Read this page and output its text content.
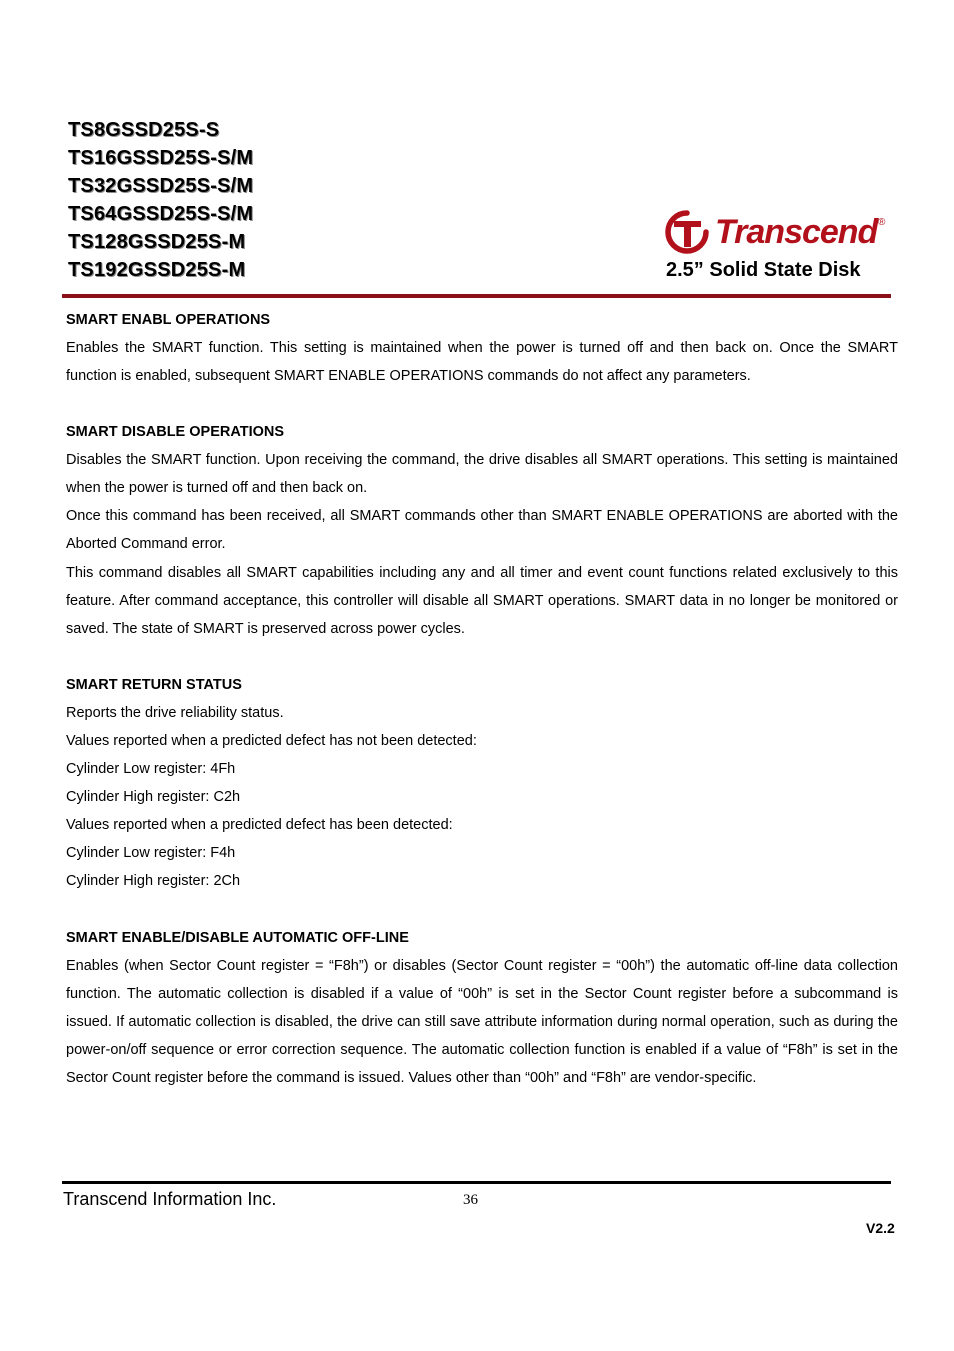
TS8GSSD25S-S
TS16GSSD25S-S/M
TS32GSSD25S-S/M
TS64GSSD25S-S/M
TS128GSSD25S-M
TS192GSSD25S-M
Transcend ®
2.5” Solid State Disk
SMART ENABL OPERATIONS
Enables the SMART function. This setting is maintained when the power is turned off and then back on. Once the SMART function is enabled, subsequent SMART ENABLE OPERATIONS commands do not affect any parameters.
SMART DISABLE OPERATIONS
Disables the SMART function. Upon receiving the command, the drive disables all SMART operations. This setting is maintained when the power is turned off and then back on.
Once this command has been received, all SMART commands other than SMART ENABLE OPERATIONS are aborted with the Aborted Command error.
This command disables all SMART capabilities including any and all timer and event count functions related exclusively to this feature. After command acceptance, this controller will disable all SMART operations. SMART data in no longer be monitored or saved. The state of SMART is preserved across power cycles.
SMART RETURN STATUS
Reports the drive reliability status.
Values reported when a predicted defect has not been detected:
Cylinder Low register: 4Fh
Cylinder High register: C2h
Values reported when a predicted defect has been detected:
Cylinder Low register: F4h
Cylinder High register: 2Ch
SMART ENABLE/DISABLE AUTOMATIC OFF-LINE
Enables (when Sector Count register = “F8h”) or disables (Sector Count register = “00h”) the automatic off-line data collection function. The automatic collection is disabled if a value of “00h” is set in the Sector Count register before a subcommand is issued. If automatic collection is disabled, the drive can still save attribute information during normal operation, such as during the power-on/off sequence or error correction sequence. The automatic collection function is enabled if a value of “F8h” is set in the Sector Count register before the command is issued. Values other than “00h” and “F8h” are vendor-specific.
Transcend Information Inc.	36
V2.2
